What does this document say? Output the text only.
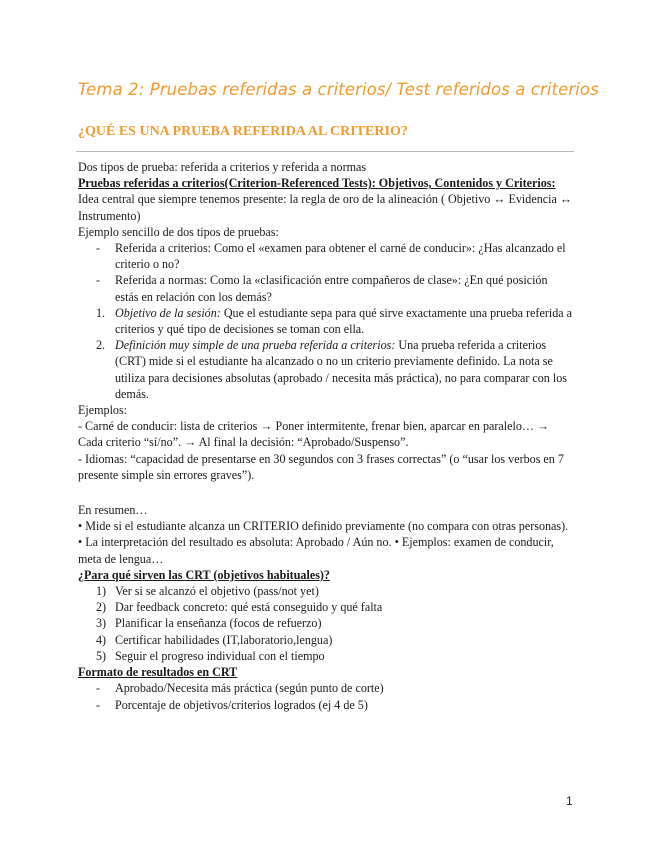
Tema 2: Pruebas referidas a criterios/ Test referidos a criterios
¿QUÉ ES UNA PRUEBA REFERIDA AL CRITERIO?

Dos tipos de prueba: referida a criterios y referida a normas

Pruebas referidas a criterios(Criterion-Referenced Tests): Objetivos, Contenidos y Criterios:

Idea central que siempre tenemos presente: la regla de oro de la alineación ( Objetivo ↔ Evidencia ↔ Instrumento)

Ejemplo sencillo de dos tipos de pruebas:

-	Referida a criterios: Como el «examen para obtener el carné de conducir»: ¿Has alcanzado el criterio o no?
-	Referida a normas: Como la «clasificación entre compañeros de clase»: ¿En qué posición estás en relación con los demás?
1. Objetivo de la sesión: Que el estudiante sepa para qué sirve exactamente una prueba referida a criterios y qué tipo de decisiones se toman con ella.
2. Definición muy simple de una prueba referida a criterios: Una prueba referida a criterios (CRT) mide si el estudiante ha alcanzado o no un criterio previamente definido. La nota se utiliza para decisiones absolutas (aprobado / necesita más práctica), no para comparar con los demás.

Ejemplos:

- Carné de conducir: lista de criterios → Poner intermitente, frenar bien, aparcar en paralelo… → Cada criterio “sí/no”. → Al final la decisión: “Aprobado/Suspenso”.

- Idiomas: “capacidad de presentarse en 30 segundos con 3 frases correctas” (o “usar los verbos en 7 presente simple sin errores graves”).

En resumen…

• Mide si el estudiante alcanza un CRITERIO definido previamente (no compara con otras personas).

• La interpretación del resultado es absoluta: Aprobado / Aún no. • Ejemplos: examen de conducir, meta de lengua…

¿Para qué sirven las CRT (objetivos habituales)?

1) Ver si se alcanzó el objetivo (pass/not yet)
2) Dar feedback concreto: qué está conseguido y qué falta
3) Planificar la enseñanza (focos de refuerzo)
4) Certificar habilidades (IT,laboratorio,lengua)
5) Seguir el progreso individual con el tiempo

Formato de resultados en CRT

-	Aprobado/Necesita más práctica (según punto de corte)
-	Porcentaje de objetivos/criterios logrados (ej 4 de 5)
1
